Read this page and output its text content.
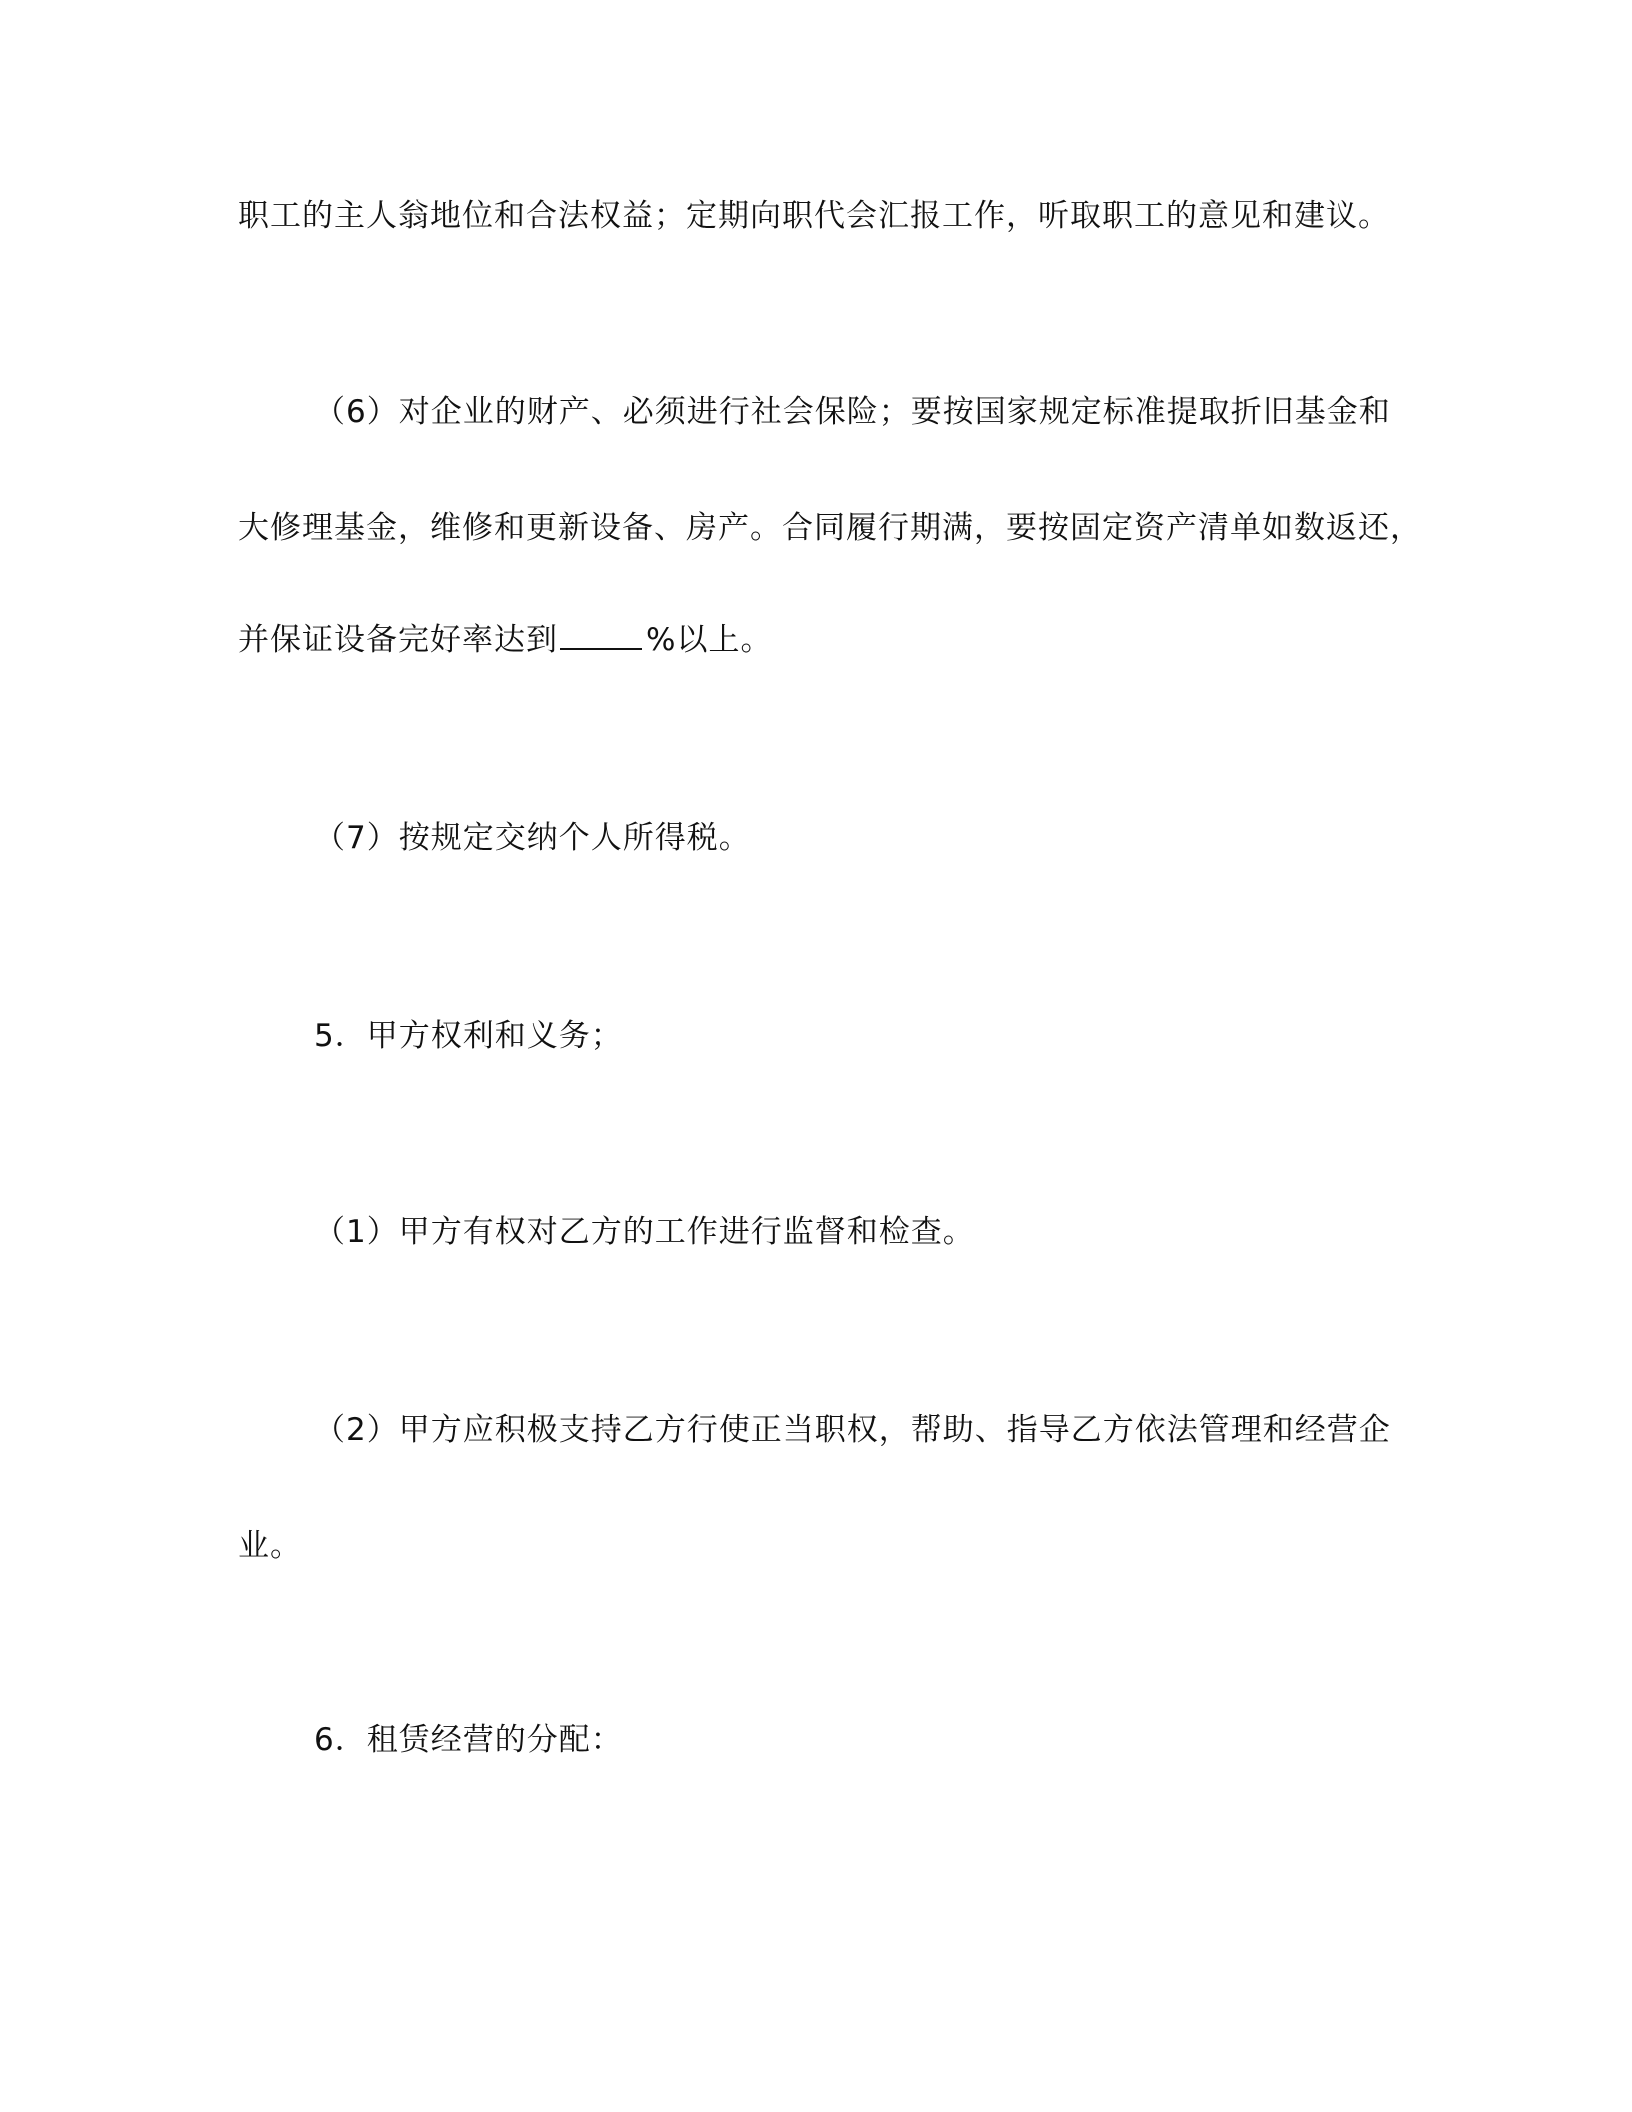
职工的主人翁地位和合法权益；定期向职代会汇报工作，听取职工的意见和建议。
（6）对企业的财产、必须进行社会保险；要按国家规定标准提取折旧基金和
大修理基金，维修和更新设备、房产。合同履行期满，要按固定资产清单如数返还，
并保证设备完好率达到	%以上。
（7）按规定交纳个人所得税。
5．甲方权利和义务；
（1）甲方有权对乙方的工作进行监督和检查。
（2）甲方应积极支持乙方行使正当职权，帮助、指导乙方依法管理和经营企
业。
6．租赁经营的分配：
